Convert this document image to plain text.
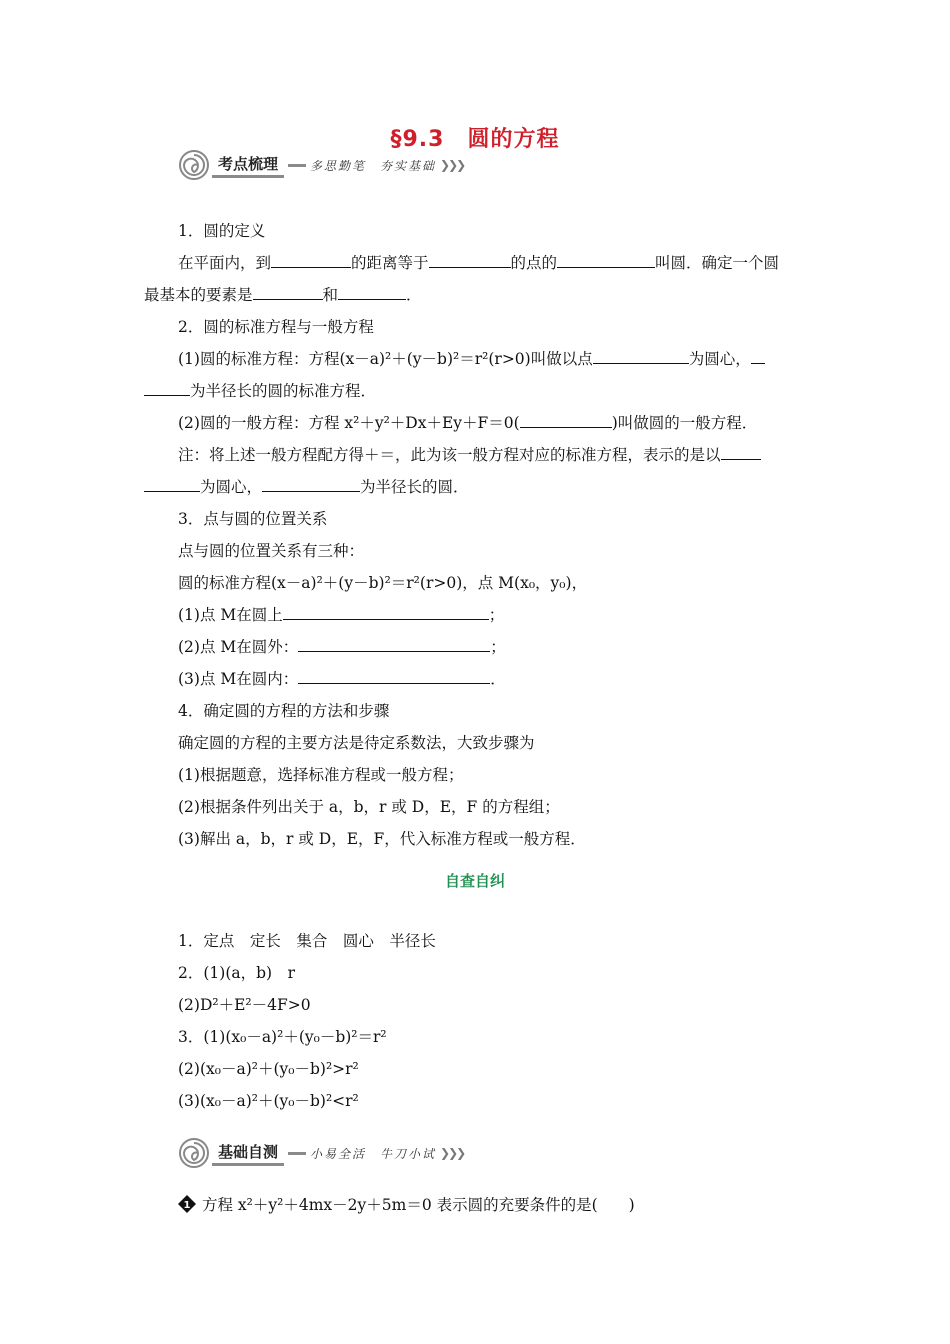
§9.3　圆的方程
考点梳理	多思勤笔　夯实基础 ❯❯❯
1．圆的定义
在平面内，到	的距离等于	的点的	叫圆．确定一个圆
最基本的要素是	和	．
2．圆的标准方程与一般方程
(1)圆的标准方程：方程(x－a)²＋(y－b)²＝r²(r>0)叫做以点	为圆心，
为半径长的圆的标准方程．
(2)圆的一般方程：方程 x²＋y²＋Dx＋Ey＋F＝0(	)叫做圆的一般方程．
注：将上述一般方程配方得＋＝，此为该一般方程对应的标准方程，表示的是以
为圆心，	为半径长的圆．
3．点与圆的位置关系
点与圆的位置关系有三种：
圆的标准方程(x－a)²＋(y－b)²＝r²(r>0)，点 M(x₀，y₀)，
(1)点 M在圆上	；
(2)点 M在圆外：	；
(3)点 M在圆内：	．
4．确定圆的方程的方法和步骤
确定圆的方程的主要方法是待定系数法，大致步骤为
(1)根据题意，选择标准方程或一般方程；
(2)根据条件列出关于 a，b，r 或 D，E，F 的方程组；
(3)解出 a，b，r 或 D，E，F，代入标准方程或一般方程．
自查自纠
1．定点　定长　集合　圆心　半径长
2．(1)(a，b)　r
(2)D²＋E²－4F>0
3．(1)(x₀－a)²＋(y₀－b)²＝r²
(2)(x₀－a)²＋(y₀－b)²>r²
(3)(x₀－a)²＋(y₀－b)²<r²
基础自测	小易全活　牛刀小试 ❯❯❯
1 方程 x²＋y²＋4mx－2y＋5m＝0 表示圆的充要条件的是(　　)
